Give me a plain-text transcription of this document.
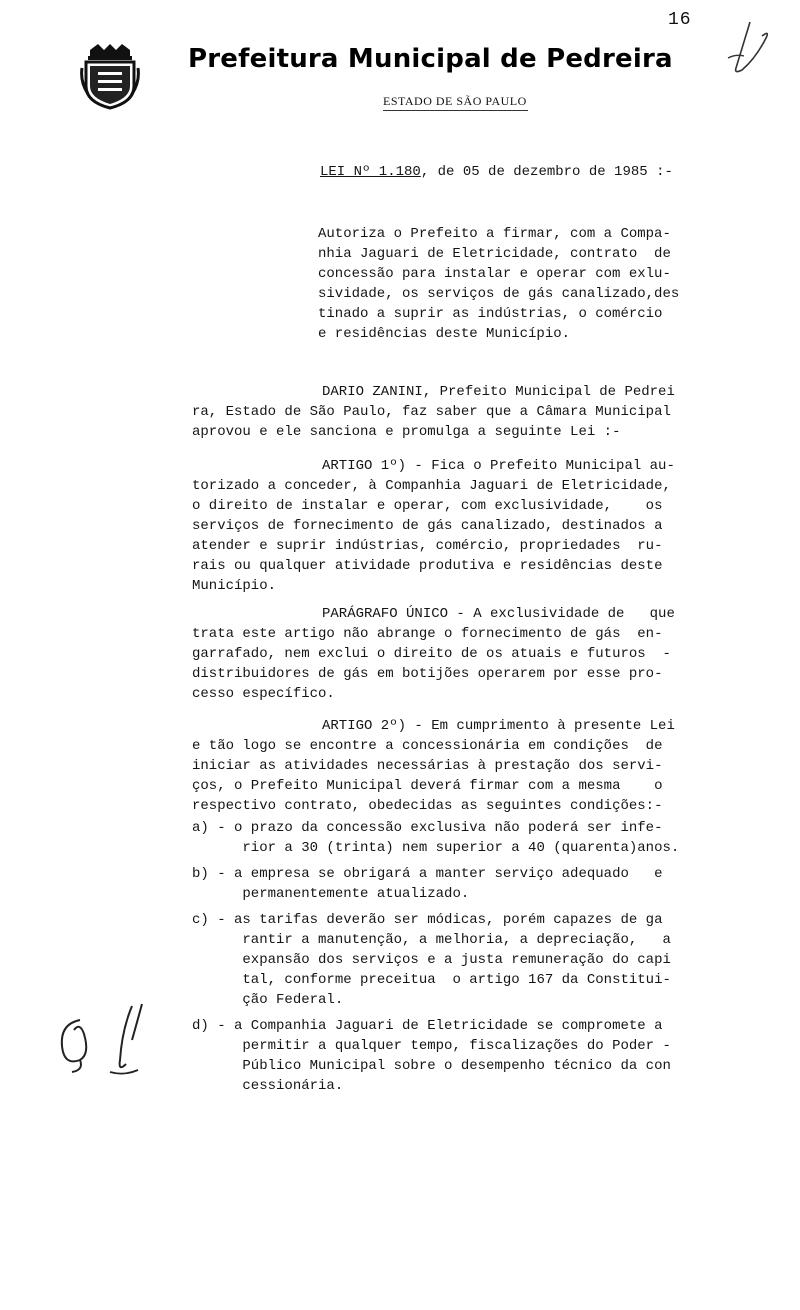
16
Prefeitura Municipal de Pedreira
ESTADO DE SÃO PAULO
LEI Nº 1.180, de 05 de dezembro de 1985 :-
Autoriza o Prefeito a firmar, com a Compa-
nhia Jaguari de Eletricidade, contrato  de
concessão para instalar e operar com exlu-
sividade, os serviços de gás canalizado,des
tinado a suprir as indústrias, o comércio
e residências deste Município.
DARIO ZANINI, Prefeito Municipal de Pedrei
ra, Estado de São Paulo, faz saber que a Câmara Municipal
aprovou e ele sanciona e promulga a seguinte Lei :-
ARTIGO 1º) - Fica o Prefeito Municipal au-
torizado a conceder, à Companhia Jaguari de Eletricidade,
o direito de instalar e operar, com exclusividade,    os
serviços de fornecimento de gás canalizado, destinados a
atender e suprir indústrias, comércio, propriedades  ru-
rais ou qualquer atividade produtiva e residências deste
Município.
PARÁGRAFO ÚNICO - A exclusividade de   que
trata este artigo não abrange o fornecimento de gás  en-
garrafado, nem exclui o direito de os atuais e futuros  -
distribuidores de gás em botijões operarem por esse pro-
cesso específico.
ARTIGO 2º) - Em cumprimento à presente Lei
e tão logo se encontre a concessionária em condições  de
iniciar as atividades necessárias à prestação dos servi-
ços, o Prefeito Municipal deverá firmar com a mesma    o
respectivo contrato, obedecidas as seguintes condições:-
a) - o prazo da concessão exclusiva não poderá ser infe-
rior a 30 (trinta) nem superior a 40 (quarenta)anos.
b) - a empresa se obrigará a manter serviço adequado   e
permanentemente atualizado.
c) - as tarifas deverão ser módicas, porém capazes de ga
rantir a manutenção, a melhoria, a depreciação,   a
expansão dos serviços e a justa remuneração do capi
tal, conforme preceitua  o artigo 167 da Constitui-
ção Federal.
d) - a Companhia Jaguari de Eletricidade se compromete a
permitir a qualquer tempo, fiscalizações do Poder -
Público Municipal sobre o desempenho técnico da con
cessionária.
